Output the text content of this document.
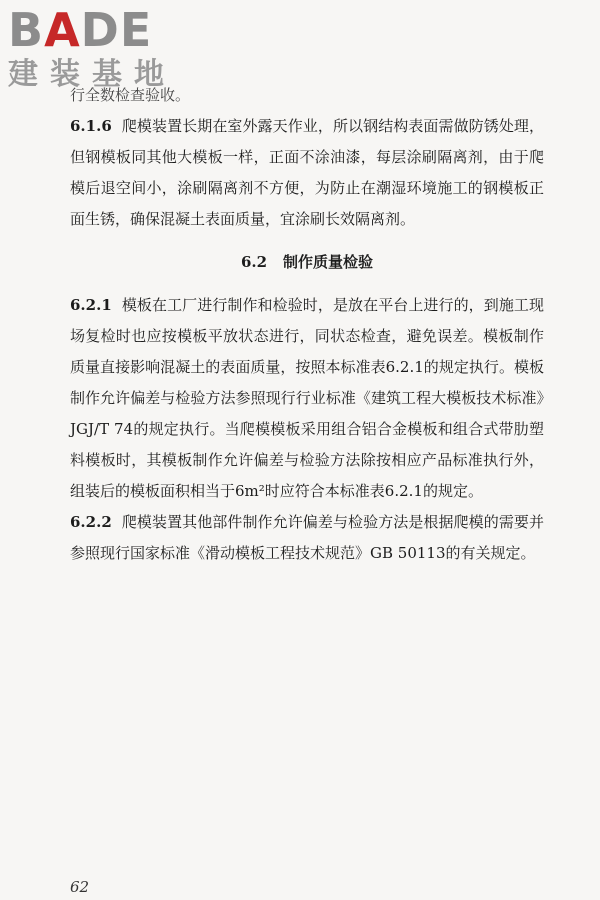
BADE
建装基地

行全数检查验收。

6.1.6 爬模装置长期在室外露天作业，所以钢结构表面需做防锈处理，但钢模板同其他大模板一样，正面不涂油漆，每层涂刷隔离剂，由于爬模后退空间小，涂刷隔离剂不方便，为防止在潮湿环境施工的钢模板正面生锈，确保混凝土表面质量，宜涂刷长效隔离剂。

6.2 制作质量检验

6.2.1 模板在工厂进行制作和检验时，是放在平台上进行的，到施工现场复检时也应按模板平放状态进行，同状态检查，避免误差。模板制作质量直接影响混凝土的表面质量，按照本标准表6.2.1的规定执行。模板制作允许偏差与检验方法参照现行行业标准《建筑工程大模板技术标准》JGJ/T 74的规定执行。当爬模模板采用组合铝合金模板和组合式带肋塑料模板时，其模板制作允许偏差与检验方法除按相应产品标准执行外，组装后的模板面积相当于6m²时应符合本标准表6.2.1的规定。

6.2.2 爬模装置其他部件制作允许偏差与检验方法是根据爬模的需要并参照现行国家标准《滑动模板工程技术规范》GB 50113的有关规定。

62
